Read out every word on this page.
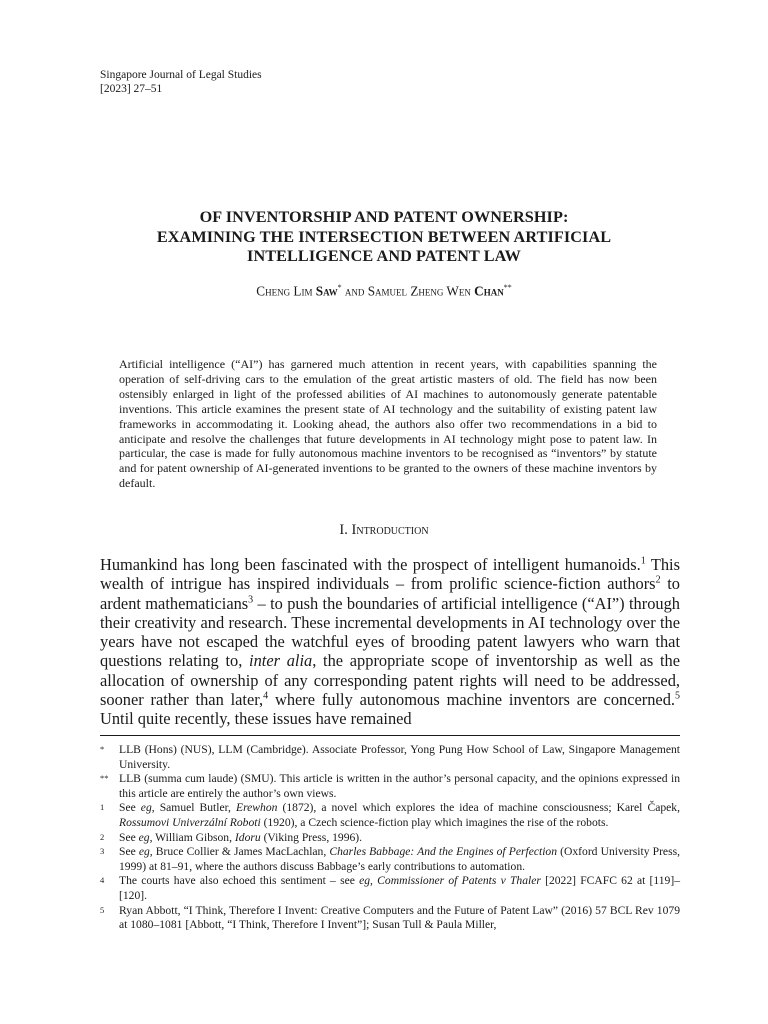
Singapore Journal of Legal Studies
[2023] 27–51
OF INVENTORSHIP AND PATENT OWNERSHIP:
EXAMINING THE INTERSECTION BETWEEN ARTIFICIAL
INTELLIGENCE AND PATENT LAW
Cheng Lim Saw* and Samuel Zheng Wen Chan**
Artificial intelligence (“AI”) has garnered much attention in recent years, with capabilities spanning the operation of self-driving cars to the emulation of the great artistic masters of old. The field has now been ostensibly enlarged in light of the professed abilities of AI machines to autonomously generate patentable inventions. This article examines the present state of AI technology and the suitability of existing patent law frameworks in accommodating it. Looking ahead, the authors also offer two recommendations in a bid to anticipate and resolve the challenges that future developments in AI technology might pose to patent law. In particular, the case is made for fully autonomous machine inventors to be recognised as “inventors” by statute and for patent ownership of AI-generated inventions to be granted to the owners of these machine inventors by default.
I. Introduction
Humankind has long been fascinated with the prospect of intelligent humanoids.$^1$ This wealth of intrigue has inspired individuals – from prolific science-fiction authors$^2$ to ardent mathematicians$^3$ – to push the boundaries of artificial intelligence (“AI”) through their creativity and research. These incremental developments in AI technology over the years have not escaped the watchful eyes of brooding patent lawyers who warn that questions relating to, inter alia, the appropriate scope of inventorship as well as the allocation of ownership of any corresponding patent rights will need to be addressed, sooner rather than later,$^4$ where fully autonomous machine inventors are concerned.$^5$ Until quite recently, these issues have remained
*	LLB (Hons) (NUS), LLM (Cambridge). Associate Professor, Yong Pung How School of Law, Singapore Management University.
** LLB (summa cum laude) (SMU). This article is written in the author’s personal capacity, and the opinions expressed in this article are entirely the author’s own views.
1	See eg, Samuel Butler, Erewhon (1872), a novel which explores the idea of machine consciousness; Karel Čapek, Rossumovi Univerzální Roboti (1920), a Czech science-fiction play which imagines the rise of the robots.
2	See eg, William Gibson, Idoru (Viking Press, 1996).
3	See eg, Bruce Collier & James MacLachlan, Charles Babbage: And the Engines of Perfection (Oxford University Press, 1999) at 81–91, where the authors discuss Babbage’s early contributions to automation.
4	The courts have also echoed this sentiment – see eg, Commissioner of Patents v Thaler [2022] FCAFC 62 at [119]–[120].
5	Ryan Abbott, “I Think, Therefore I Invent: Creative Computers and the Future of Patent Law” (2016) 57 BCL Rev 1079 at 1080–1081 [Abbott, “I Think, Therefore I Invent”]; Susan Tull & Paula Miller,
